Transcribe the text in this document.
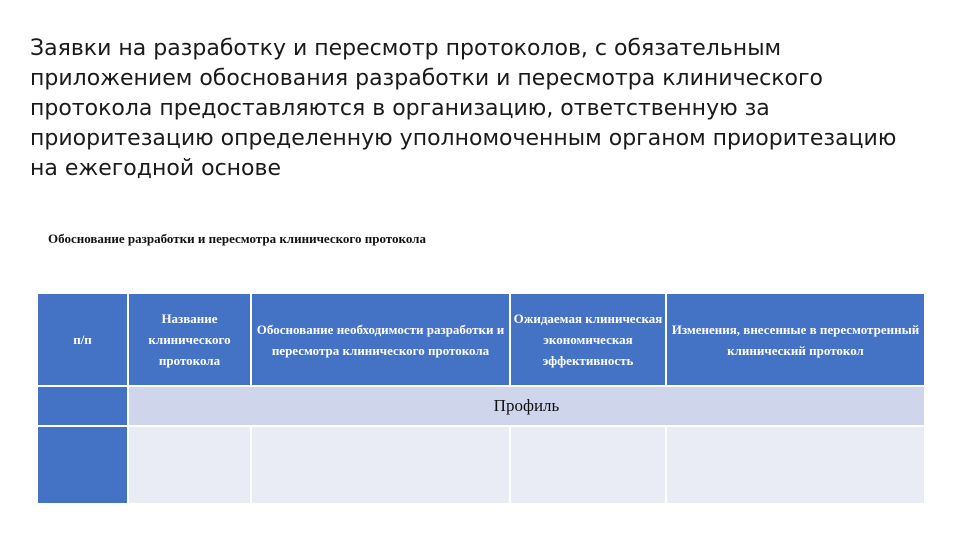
Заявки на разработку и пересмотр протоколов, с обязательным приложением обоснования разработки и пересмотра клинического протокола предоставляются в организацию, ответственную за приоритезацию определенную уполномоченным органом приоритезацию на ежегодной основе

Обоснование разработки и пересмотра клинического протокола
п/п	Название клинического протокола	Обоснование необходимости разработки и пересмотра клинического протокола	Ожидаемая клиническая экономическая эффективность	Изменения, внесенные в пересмотренный клинический протокол
	Профиль			
